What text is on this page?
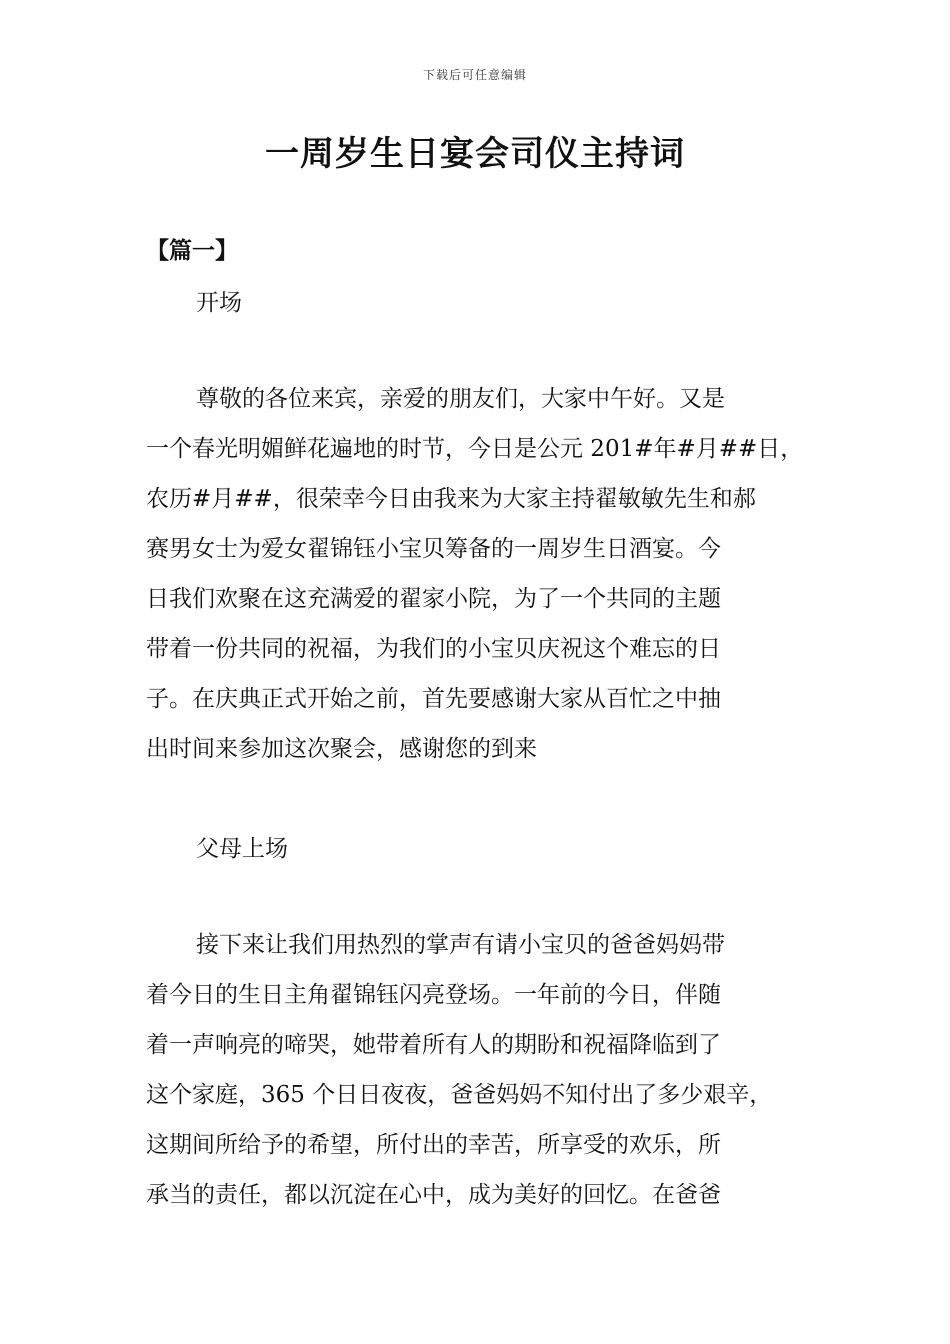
下载后可任意编辑
一周岁生日宴会司仪主持词
【篇一】
开场
尊敬的各位来宾，亲爱的朋友们，大家中午好。又是
一个春光明媚鲜花遍地的时节，今日是公元 201#年#月##日，
农历#月##，很荣幸今日由我来为大家主持翟敏敏先生和郝
赛男女士为爱女翟锦钰小宝贝筹备的一周岁生日酒宴。今
日我们欢聚在这充满爱的翟家小院，为了一个共同的主题
带着一份共同的祝福，为我们的小宝贝庆祝这个难忘的日
子。在庆典正式开始之前，首先要感谢大家从百忙之中抽
出时间来参加这次聚会，感谢您的到来
父母上场
接下来让我们用热烈的掌声有请小宝贝的爸爸妈妈带
着今日的生日主角翟锦钰闪亮登场。一年前的今日，伴随
着一声响亮的啼哭，她带着所有人的期盼和祝福降临到了
这个家庭，365 个日日夜夜，爸爸妈妈不知付出了多少艰辛，
这期间所给予的希望，所付出的幸苦，所享受的欢乐，所
承当的责任，都以沉淀在心中，成为美好的回忆。在爸爸
